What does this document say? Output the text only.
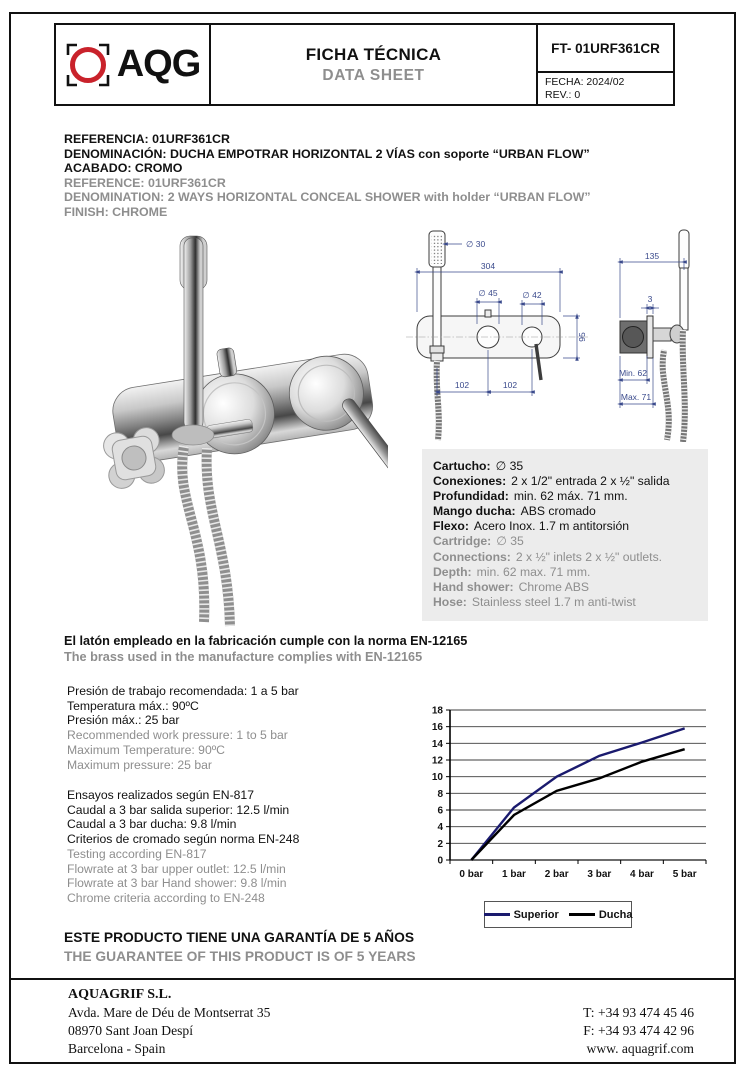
AQG	FICHA TÉCNICA
DATA SHEET
FT- 01URF361CR
FECHA: 2024/02
REV.: 0
REFERENCIA: 01URF361CR
DENOMINACIÓN: DUCHA EMPOTRAR HORIZONTAL 2 VÍAS con soporte “URBAN FLOW”
ACABADO: CROMO
REFERENCE: 01URF361CR
DENOMINATION: 2 WAYS HORIZONTAL CONCEAL SHOWER with holder “URBAN FLOW”
FINISH: CHROME
∅ 30
304
∅ 45	∅ 42
95
102	102
135
3
Min. 62
Max. 71
Cartucho: ∅ 35
Conexiones: 2 x 1/2" entrada 2 x ½" salida
Profundidad: min. 62 máx. 71 mm.
Mango ducha: ABS cromado
Flexo: Acero Inox. 1.7 m antitorsión
Cartridge: ∅ 35
Connections: 2 x ½" inlets 2 x ½" outlets.
Depth: min. 62 max. 71 mm.
Hand shower: Chrome ABS
Hose: Stainless steel 1.7 m anti-twist
El latón empleado en la fabricación cumple con la norma EN-12165
The brass used in the manufacture complies with EN-12165
Presión de trabajo recomendada: 1 a 5 bar
Temperatura máx.: 90ºC
Presión máx.: 25 bar
Recommended work pressure: 1 to 5 bar
Maximum Temperature: 90ºC
Maximum pressure: 25 bar
Ensayos realizados según EN-817
Caudal a 3 bar salida superior: 12.5 l/min
Caudal a 3 bar ducha: 9.8 l/min
Criterios de cromado según norma EN-248
Testing according EN-817
Flowrate at 3 bar upper outlet: 12.5 l/min
Flowrate at 3 bar Hand shower: 9.8 l/min
Chrome criteria according to EN-248
0
2
4
6
8
10
12
14
16
18
0 bar 1 bar 2 bar 3 bar 4 bar 5 bar
Superior	Ducha
ESTE PRODUCTO TIENE UNA GARANTÍA DE 5 AÑOS
THE GUARANTEE OF THIS PRODUCT IS OF 5 YEARS
AQUAGRIF S.L.
Avda. Mare de Déu de Montserrat 35
08970 Sant Joan Despí
Barcelona - Spain
T: +34 93 474 45 46
F: +34 93 474 42 96
www. aquagrif.com
